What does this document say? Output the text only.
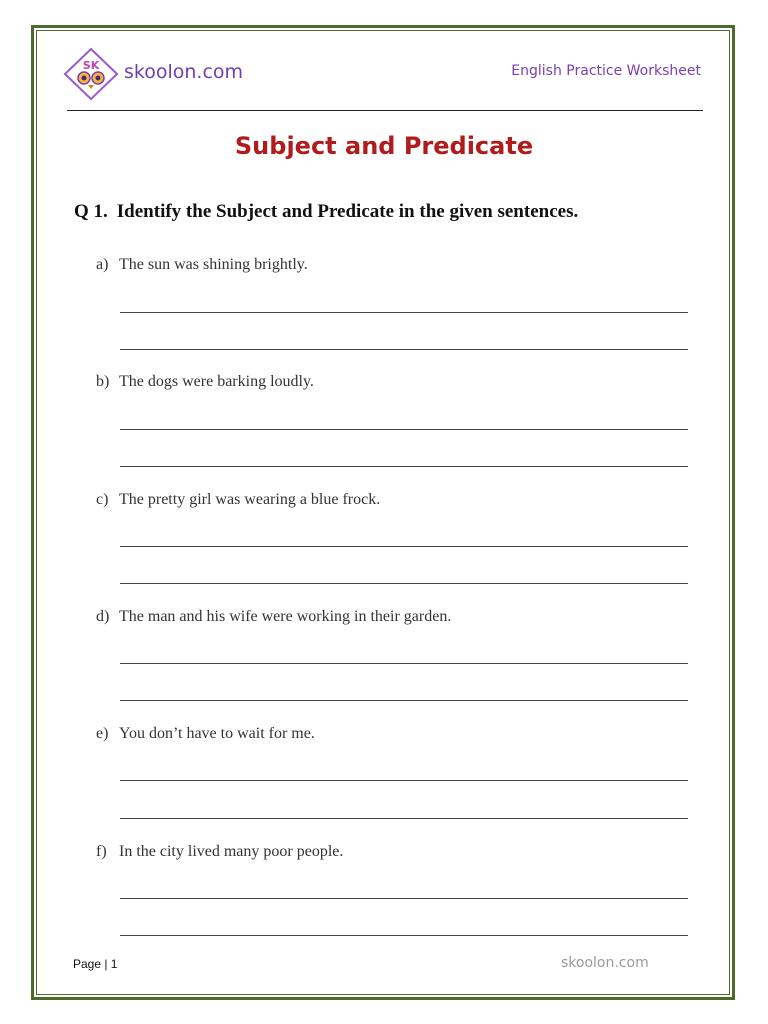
SK skoolon.com	English Practice Worksheet
Subject and Predicate
Q 1. Identify the Subject and Predicate in the given sentences.
a) The sun was shining brightly.
b) The dogs were barking loudly.
c) The pretty girl was wearing a blue frock.
d) The man and his wife were working in their garden.
e) You don’t have to wait for me.
f) In the city lived many poor people.
Page | 1	skoolon.com
